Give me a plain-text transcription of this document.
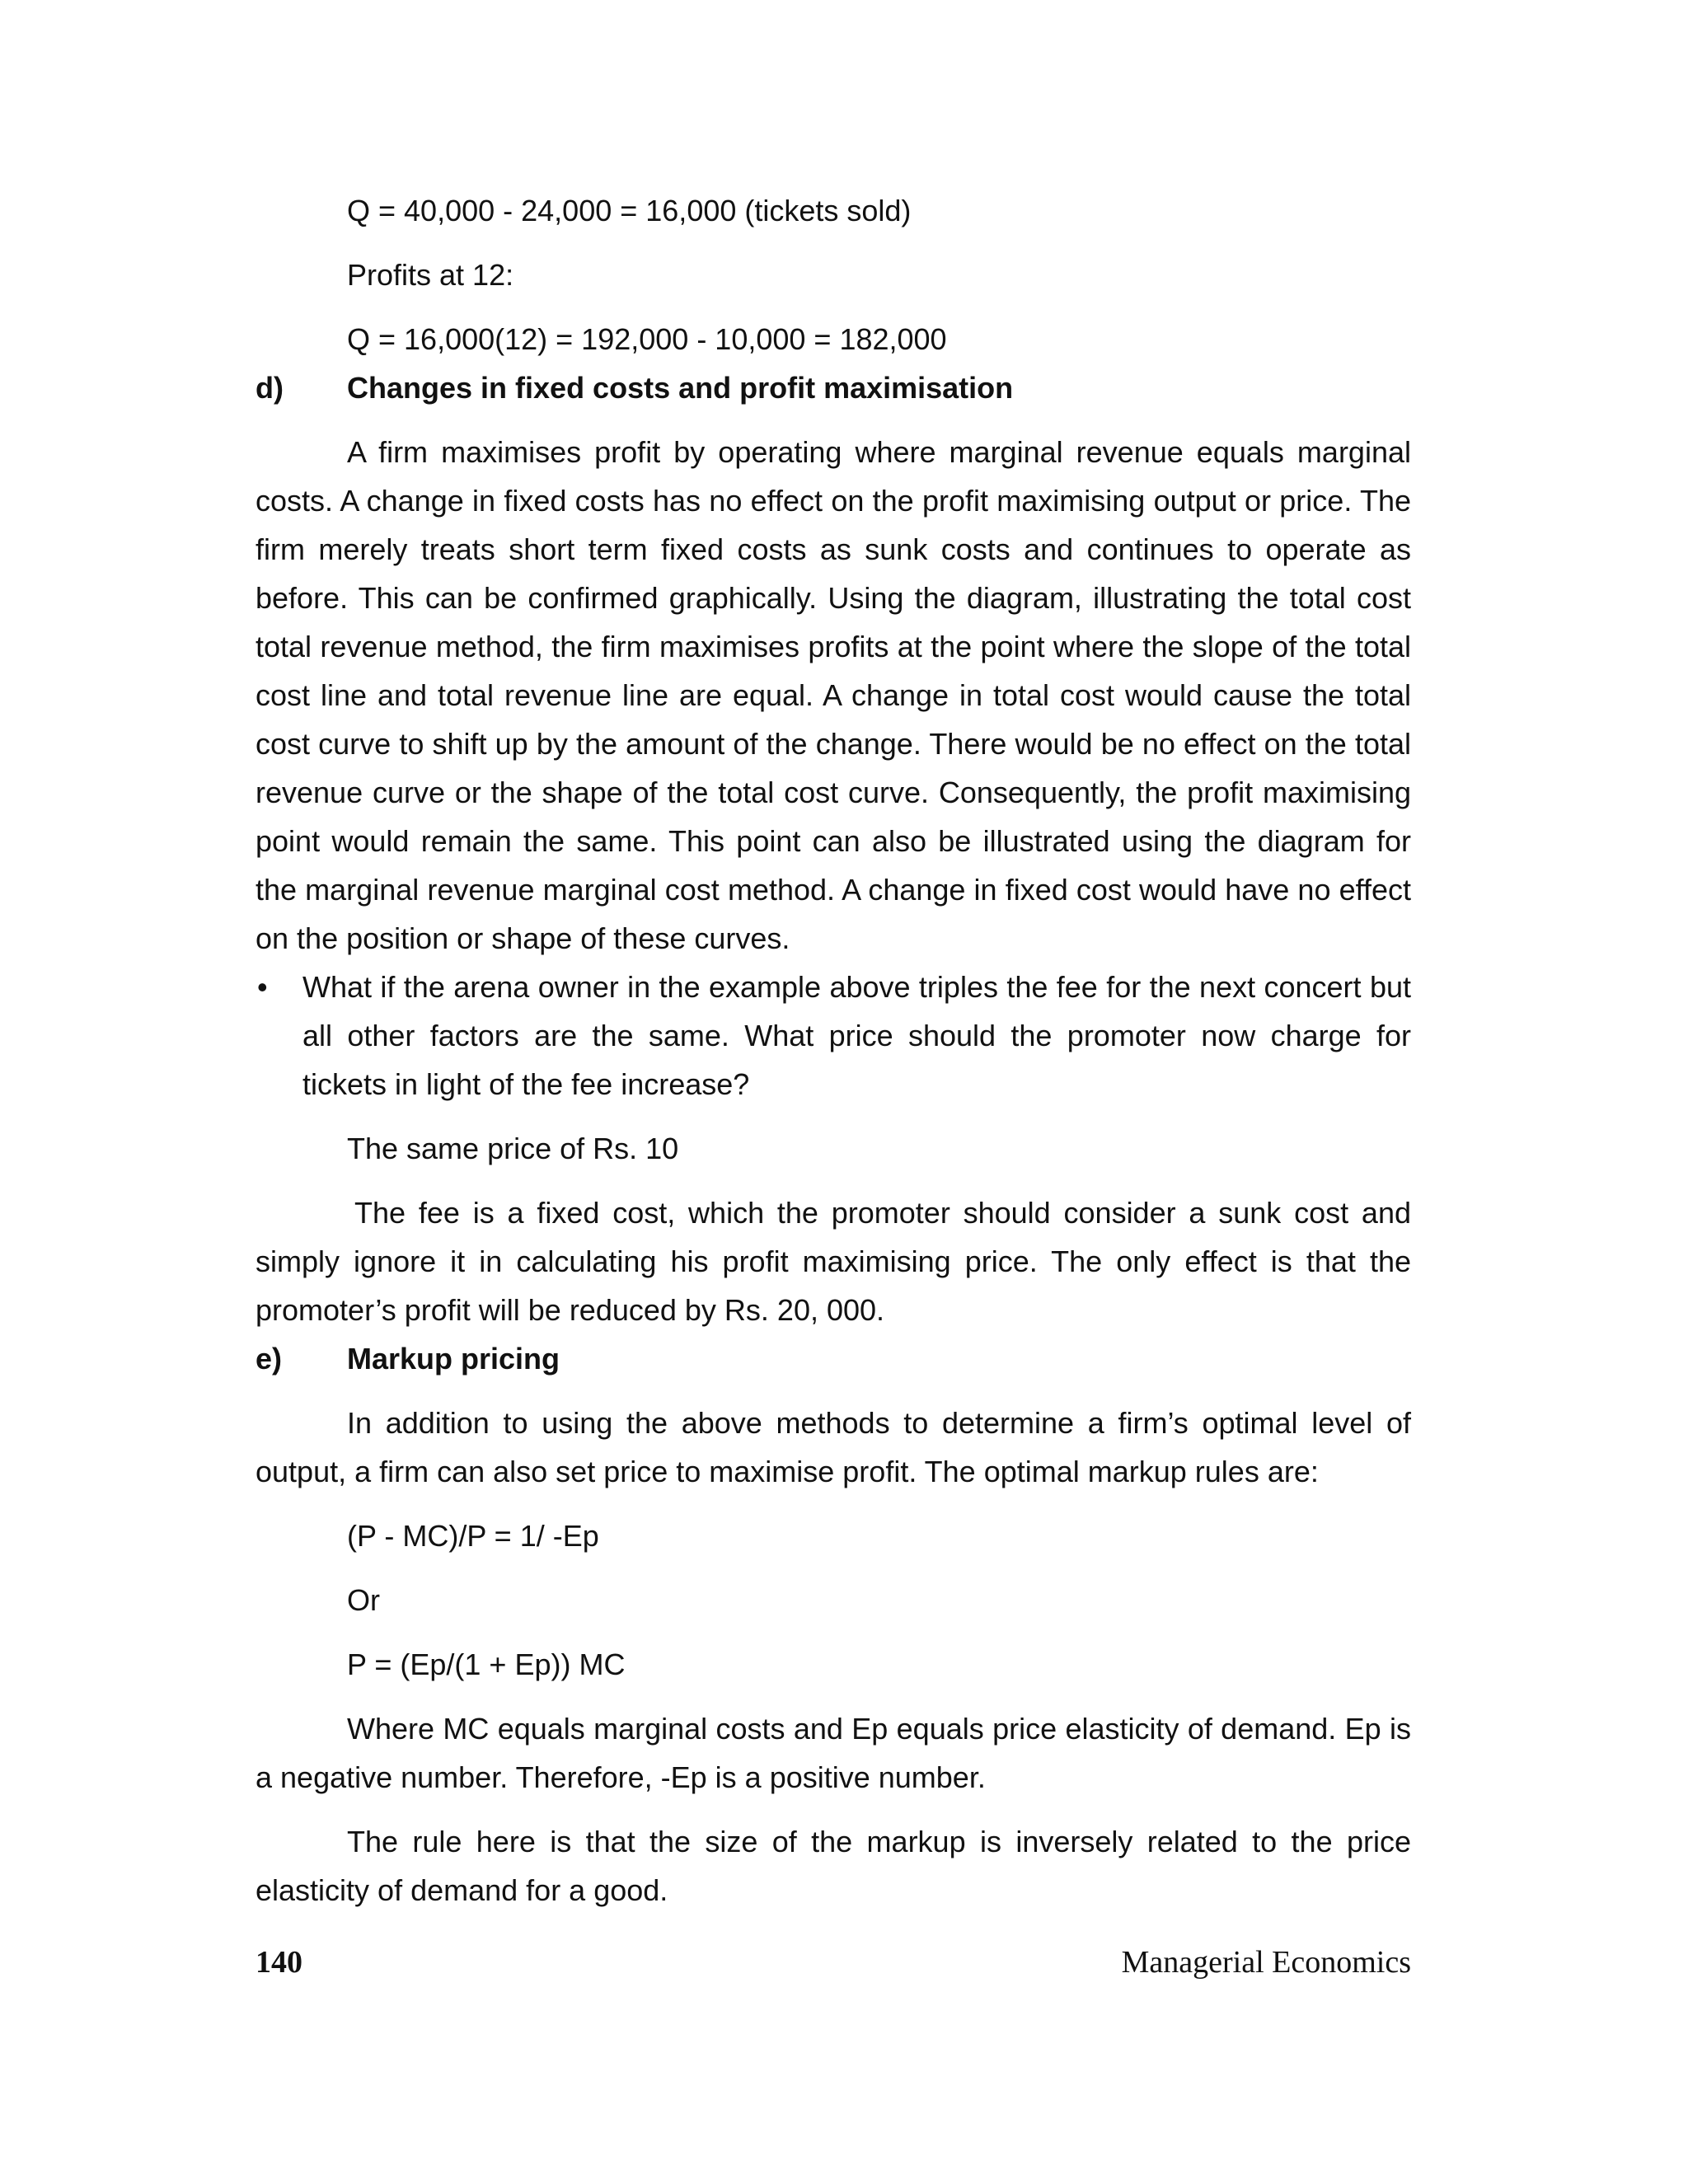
Q = 40,000 - 24,000 = 16,000 (tickets sold)

Profits at 12:

Q = 16,000(12) = 192,000 - 10,000 = 182,000

d)	Changes in fixed costs and profit maximisation

A firm maximises profit by operating where marginal revenue equals marginal costs. A change in fixed costs has no effect on the profit maximising output or price. The firm merely treats short term fixed costs as sunk costs and continues to operate as before. This can be confirmed graphically. Using the diagram, illustrating the total cost total revenue method, the firm maximises profits at the point where the slope of the total cost line and total revenue line are equal. A change in total cost would cause the total cost curve to shift up by the amount of the change. There would be no effect on the total revenue curve or the shape of the total cost curve. Consequently, the profit maximising point would remain the same. This point can also be illustrated using the diagram for the marginal revenue marginal cost method. A change in fixed cost would have no effect on the position or shape of these curves.

•	What if the arena owner in the example above triples the fee for the next concert but all other factors are the same. What price should the promoter now charge for tickets in light of the fee increase?

The same price of Rs. 10

The fee is a fixed cost, which the promoter should consider a sunk cost and simply ignore it in calculating his profit maximising price. The only effect is that the promoter’s profit will be reduced by Rs. 20, 000.

e)	Markup pricing

In addition to using the above methods to determine a firm’s optimal level of output, a firm can also set price to maximise profit. The optimal markup rules are:

(P - MC)/P = 1/ -Ep

Or

P = (Ep/(1 + Ep)) MC

Where MC equals marginal costs and Ep equals price elasticity of demand. Ep is a negative number. Therefore, -Ep is a positive number.

The rule here is that the size of the markup is inversely related to the price elasticity of demand for a good.

140	Managerial Economics
